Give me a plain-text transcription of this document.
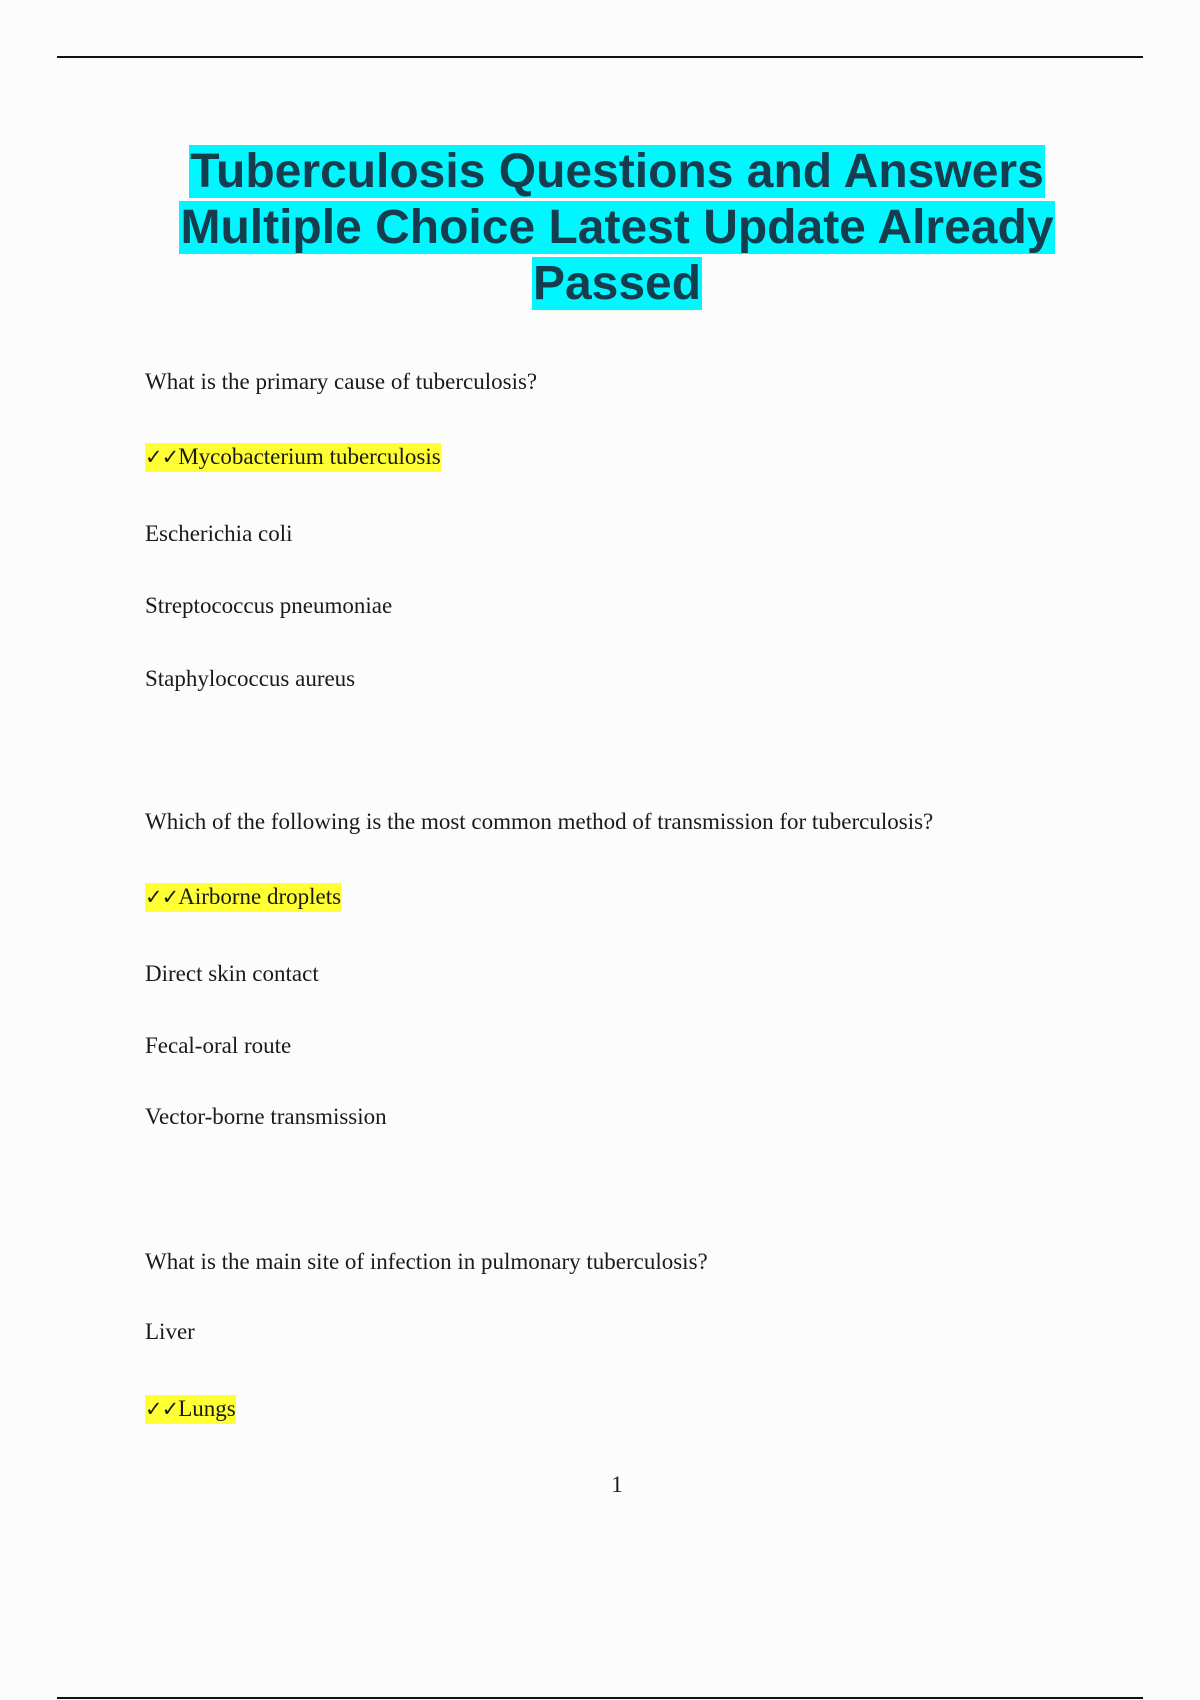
Tuberculosis Questions and Answers
Multiple Choice Latest Update Already
Passed
What is the primary cause of tuberculosis?
✓✓Mycobacterium tuberculosis
Escherichia coli
Streptococcus pneumoniae
Staphylococcus aureus
Which of the following is the most common method of transmission for tuberculosis?
✓✓Airborne droplets
Direct skin contact
Fecal-oral route
Vector-borne transmission
What is the main site of infection in pulmonary tuberculosis?
Liver
✓✓Lungs
1
